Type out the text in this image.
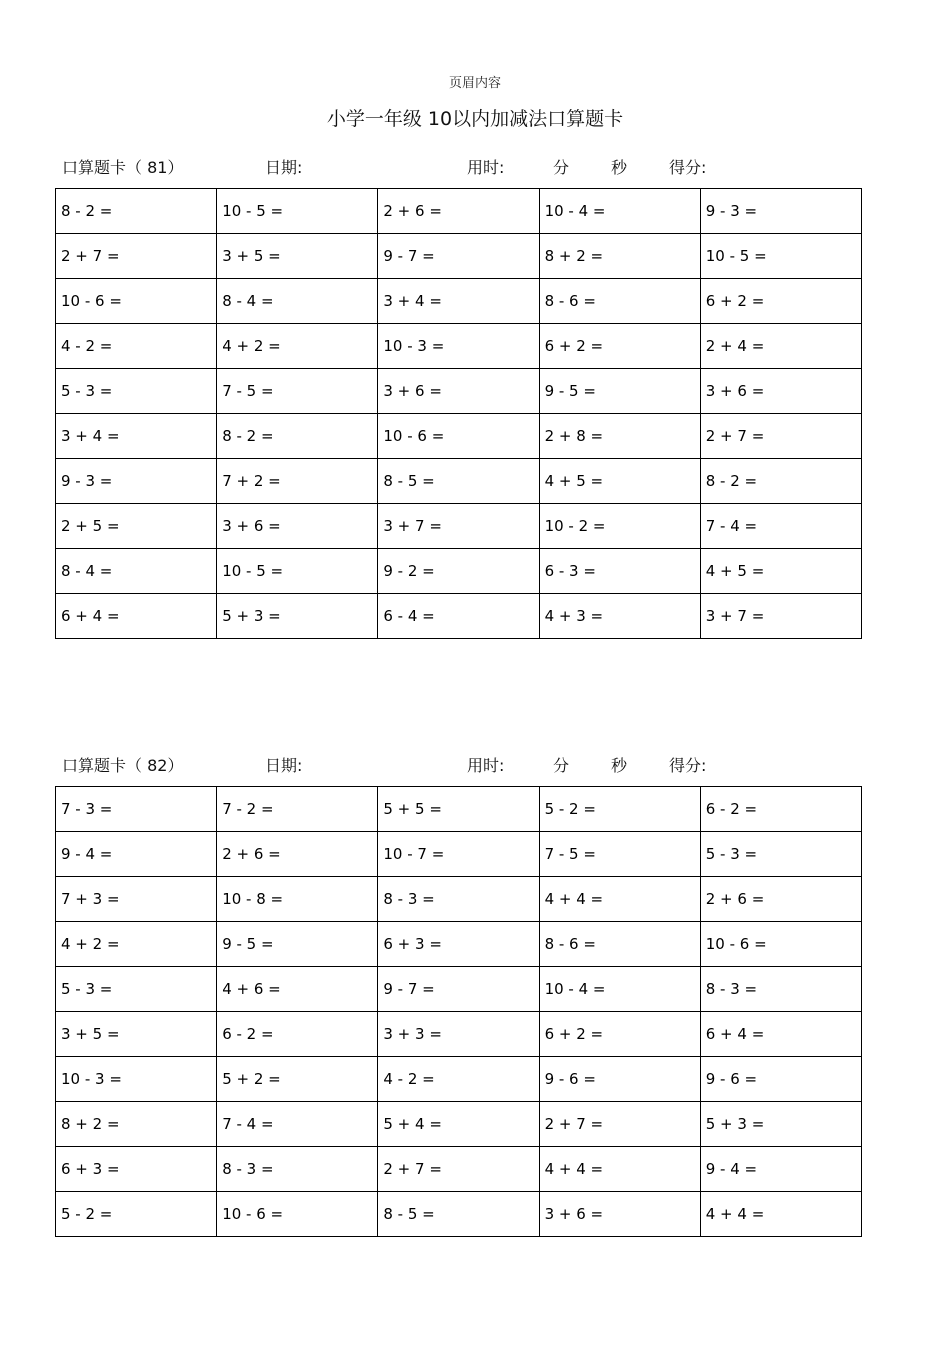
页眉内容
小学一年级 10以内加减法口算题卡
口算题卡（ 81）	日期:	用时:	分	秒	得分:
8 - 2 =	10 - 5 =	2 + 6 =	10 - 4 =	9 - 3 =
2 + 7 =	3 + 5 =	9 - 7 =	8 + 2 =	10 - 5 =
10 - 6 =	8 - 4 =	3 + 4 =	8 - 6 =	6 + 2 =
4 - 2 =	4 + 2 =	10 - 3 =	6 + 2 =	2 + 4 =
5 - 3 =	7 - 5 =	3 + 6 =	9 - 5 =	3 + 6 =
3 + 4 =	8 - 2 =	10 - 6 =	2 + 8 =	2 + 7 =
9 - 3 =	7 + 2 =	8 - 5 =	4 + 5 =	8 - 2 =
2 + 5 =	3 + 6 =	3 + 7 =	10 - 2 =	7 - 4 =
8 - 4 =	10 - 5 =	9 - 2 =	6 - 3 =	4 + 5 =
6 + 4 =	5 + 3 =	6 - 4 =	4 + 3 =	3 + 7 =
口算题卡（ 82）	日期:	用时:	分	秒	得分:
7 - 3 =	7 - 2 =	5 + 5 =	5 - 2 =	6 - 2 =
9 - 4 =	2 + 6 =	10 - 7 =	7 - 5 =	5 - 3 =
7 + 3 =	10 - 8 =	8 - 3 =	4 + 4 =	2 + 6 =
4 + 2 =	9 - 5 =	6 + 3 =	8 - 6 =	10 - 6 =
5 - 3 =	4 + 6 =	9 - 7 =	10 - 4 =	8 - 3 =
3 + 5 =	6 - 2 =	3 + 3 =	6 + 2 =	6 + 4 =
10 - 3 =	5 + 2 =	4 - 2 =	9 - 6 =	9 - 6 =
8 + 2 =	7 - 4 =	5 + 4 =	2 + 7 =	5 + 3 =
6 + 3 =	8 - 3 =	2 + 7 =	4 + 4 =	9 - 4 =
5 - 2 =	10 - 6 =	8 - 5 =	3 + 6 =	4 + 4 =
